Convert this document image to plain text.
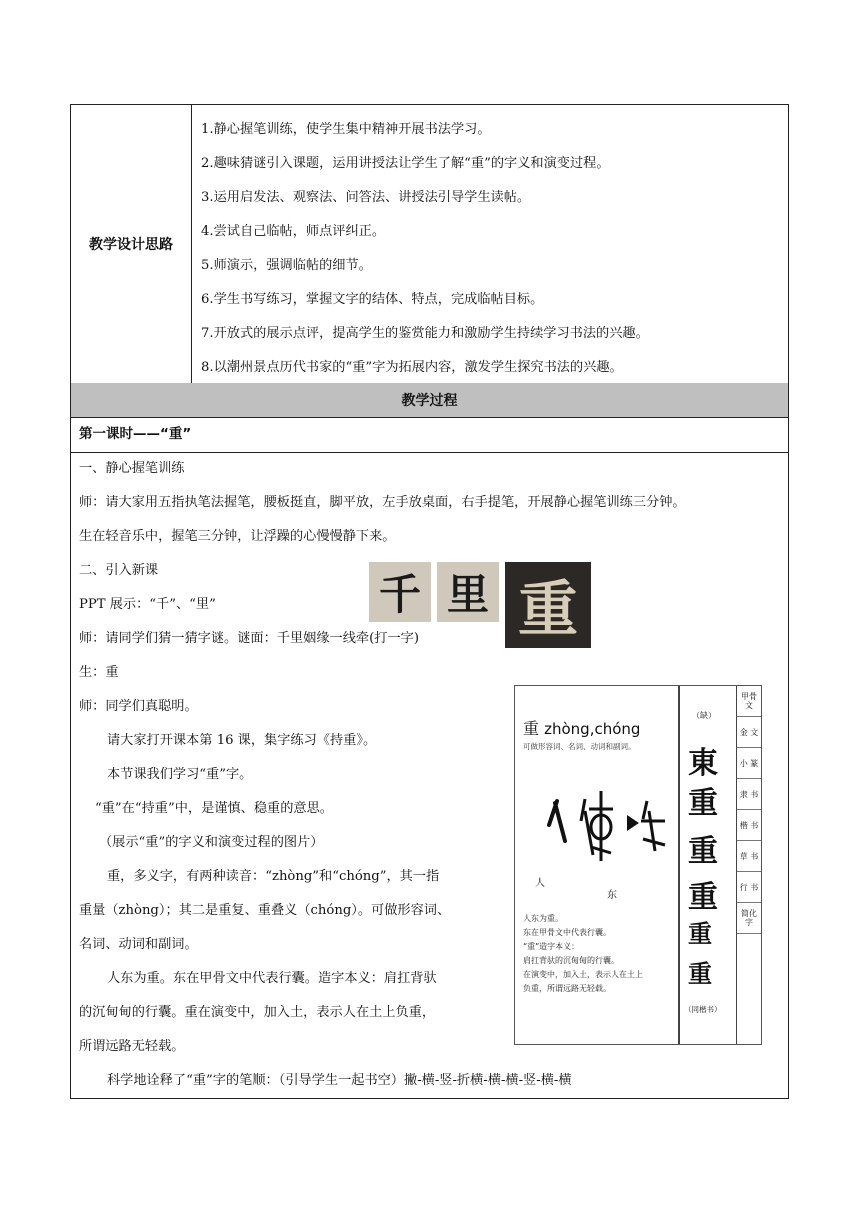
教学设计思路
1.静心握笔训练，使学生集中精神开展书法学习。
2.趣味猜谜引入课题，运用讲授法让学生了解“重”的字义和演变过程。
3.运用启发法、观察法、问答法、讲授法引导学生读帖。
4.尝试自己临帖，师点评纠正。
5.师演示，强调临帖的细节。
6.学生书写练习，掌握文字的结体、特点，完成临帖目标。
7.开放式的展示点评，提高学生的鉴赏能力和激励学生持续学习书法的兴趣。
8.以潮州景点历代书家的“重”字为拓展内容，激发学生探究书法的兴趣。
教学过程
第一课时——“重”
一、静心握笔训练
师：请大家用五指执笔法握笔，腰板挺直，脚平放，左手放桌面，右手提笔，开展静心握笔训练三分钟。
生在轻音乐中，握笔三分钟，让浮躁的心慢慢静下来。
二、引入新课
PPT 展示：“千”、“里”
师：请同学们猜一猜字谜。谜面：千里姻缘一线牵(打一字)
生：重
师：同学们真聪明。
请大家打开课本第 16 课，集字练习《持重》。
本节课我们学习“重”字。
“重”在“持重”中，是谨慎、稳重的意思。
（展示“重”的字义和演变过程的图片）
重，多义字，有两种读音：“zhòng”和“chóng”，其一指
重量（zhòng）；其二是重复、重叠义（chóng）。可做形容词、
名词、动词和副词。
人东为重。东在甲骨文中代表行囊。造字本义：肩扛背驮
的沉甸甸的行囊。重在演变中，加入土，表示人在土上负重，
所谓远路无轻载。
科学地诠释了“重”字的笔顺：（引导学生一起书空）撇-横-竖-折横-横-横-竖-横-横
千 里 重
重 zhòng,chóng
可做形容词、名词、动词和副词。
人
东
人东为重。
东在甲骨文中代表行囊。
“重”造字本义：
肩扛背驮的沉甸甸的行囊。
在演变中，加入土，表示人在土上
负重，所谓远路无轻载。
（缺）
東
重
重
重
重
重
（同楷书）
甲骨文
金 文
小 篆
隶 书
楷 书
草 书
行 书
简化字
